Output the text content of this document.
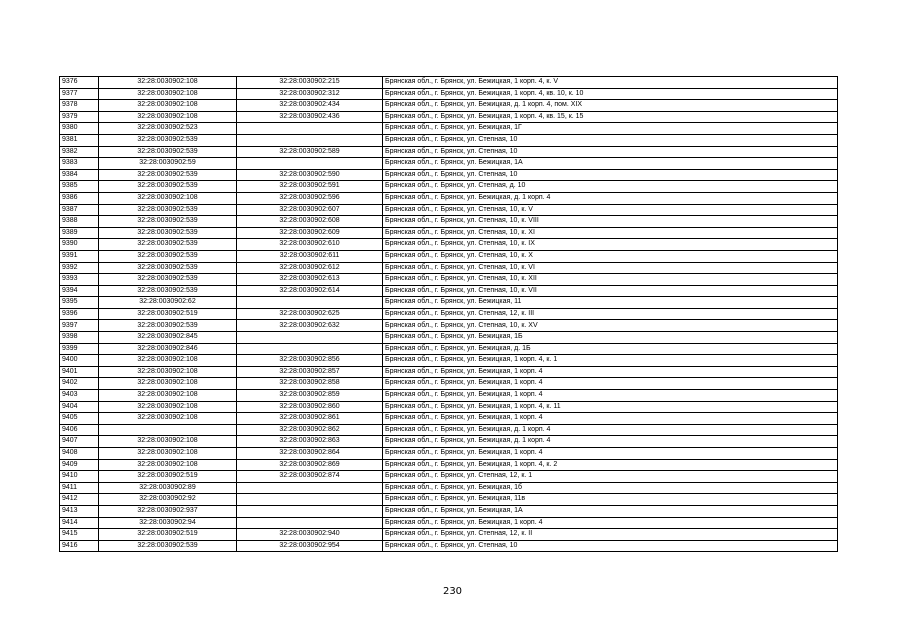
9376	32:28:0030902:108	32:28:0030902:215	Брянская обл., г. Брянск, ул. Бежицкая, 1 корп. 4, к. V
9377	32:28:0030902:108	32:28:0030902:312	Брянская обл., г. Брянск, ул. Бежицкая, 1 корп. 4, кв. 10, к. 10
9378	32:28:0030902:108	32:28:0030902:434	Брянская обл., г. Брянск, ул. Бежицкая, д. 1 корп. 4, пом. XIX
9379	32:28:0030902:108	32:28:0030902:436	Брянская обл., г. Брянск, ул. Бежицкая, 1 корп. 4, кв. 15, к. 15
9380	32:28:0030902:523		Брянская обл., г. Брянск, ул. Бежицкая, 1Г
9381	32:28:0030902:539		Брянская обл., г. Брянск, ул. Степная, 10
9382	32:28:0030902:539	32:28:0030902:589	Брянская обл., г. Брянск, ул. Степная, 10
9383	32:28:0030902:59		Брянская обл., г. Брянск, ул. Бежицкая, 1А
9384	32:28:0030902:539	32:28:0030902:590	Брянская обл., г. Брянск, ул. Степная, 10
9385	32:28:0030902:539	32:28:0030902:591	Брянская обл., г. Брянск, ул. Степная, д. 10
9386	32:28:0030902:108	32:28:0030902:596	Брянская обл., г. Брянск, ул. Бежицкая, д. 1 корп. 4
9387	32:28:0030902:539	32:28:0030902:607	Брянская обл., г. Брянск, ул. Степная, 10, к. V
9388	32:28:0030902:539	32:28:0030902:608	Брянская обл., г. Брянск, ул. Степная, 10, к. VIII
9389	32:28:0030902:539	32:28:0030902:609	Брянская обл., г. Брянск, ул. Степная, 10, к. XI
9390	32:28:0030902:539	32:28:0030902:610	Брянская обл., г. Брянск, ул. Степная, 10, к. IX
9391	32:28:0030902:539	32:28:0030902:611	Брянская обл., г. Брянск, ул. Степная, 10, к. X
9392	32:28:0030902:539	32:28:0030902:612	Брянская обл., г. Брянск, ул. Степная, 10, к. VI
9393	32:28:0030902:539	32:28:0030902:613	Брянская обл., г. Брянск, ул. Степная, 10, к. XII
9394	32:28:0030902:539	32:28:0030902:614	Брянская обл., г. Брянск, ул. Степная, 10, к. VII
9395	32:28:0030902:62		Брянская обл., г. Брянск, ул. Бежицкая, 11
9396	32:28:0030902:519	32:28:0030902:625	Брянская обл., г. Брянск, ул. Степная, 12, к. III
9397	32:28:0030902:539	32:28:0030902:632	Брянская обл., г. Брянск, ул. Степная, 10, к. XV
9398	32:28:0030902:845		Брянская обл., г. Брянск, ул. Бежицкая, 1Б
9399	32:28:0030902:846		Брянская обл., г. Брянск, ул. Бежицкая, д. 1Б
9400	32:28:0030902:108	32:28:0030902:856	Брянская обл., г. Брянск, ул. Бежицкая, 1 корп. 4, к. 1
9401	32:28:0030902:108	32:28:0030902:857	Брянская обл., г. Брянск, ул. Бежицкая, 1 корп. 4
9402	32:28:0030902:108	32:28:0030902:858	Брянская обл., г. Брянск, ул. Бежицкая, 1 корп. 4
9403	32:28:0030902:108	32:28:0030902:859	Брянская обл., г. Брянск, ул. Бежицкая, 1 корп. 4
9404	32:28:0030902:108	32:28:0030902:860	Брянская обл., г. Брянск, ул. Бежицкая, 1 корп. 4, к. 11
9405	32:28:0030902:108	32:28:0030902:861	Брянская обл., г. Брянск, ул. Бежицкая, 1 корп. 4
9406		32:28:0030902:862	Брянская обл., г. Брянск, ул. Бежицкая, д. 1 корп. 4
9407	32:28:0030902:108	32:28:0030902:863	Брянская обл., г. Брянск, ул. Бежицкая, д. 1 корп. 4
9408	32:28:0030902:108	32:28:0030902:864	Брянская обл., г. Брянск, ул. Бежицкая, 1 корп. 4
9409	32:28:0030902:108	32:28:0030902:869	Брянская обл., г. Брянск, ул. Бежицкая, 1 корп. 4, к. 2
9410	32:28:0030902:519	32:28:0030902:874	Брянская обл., г. Брянск, ул. Степная, 12, к. 1
9411	32:28:0030902:89		Брянская обл., г. Брянск, ул. Бежицкая, 1б
9412	32:28:0030902:92		Брянская обл., г. Брянск, ул. Бежицкая, 11в
9413	32:28:0030902:937		Брянская обл., г. Брянск, ул. Бежицкая, 1А
9414	32:28:0030902:94		Брянская обл., г. Брянск, ул. Бежицкая, 1 корп. 4
9415	32:28:0030902:519	32:28:0030902:940	Брянская обл., г. Брянск, ул. Степная, 12, к. II
9416	32:28:0030902:539	32:28:0030902:954	Брянская обл., г. Брянск, ул. Степная, 10
230
